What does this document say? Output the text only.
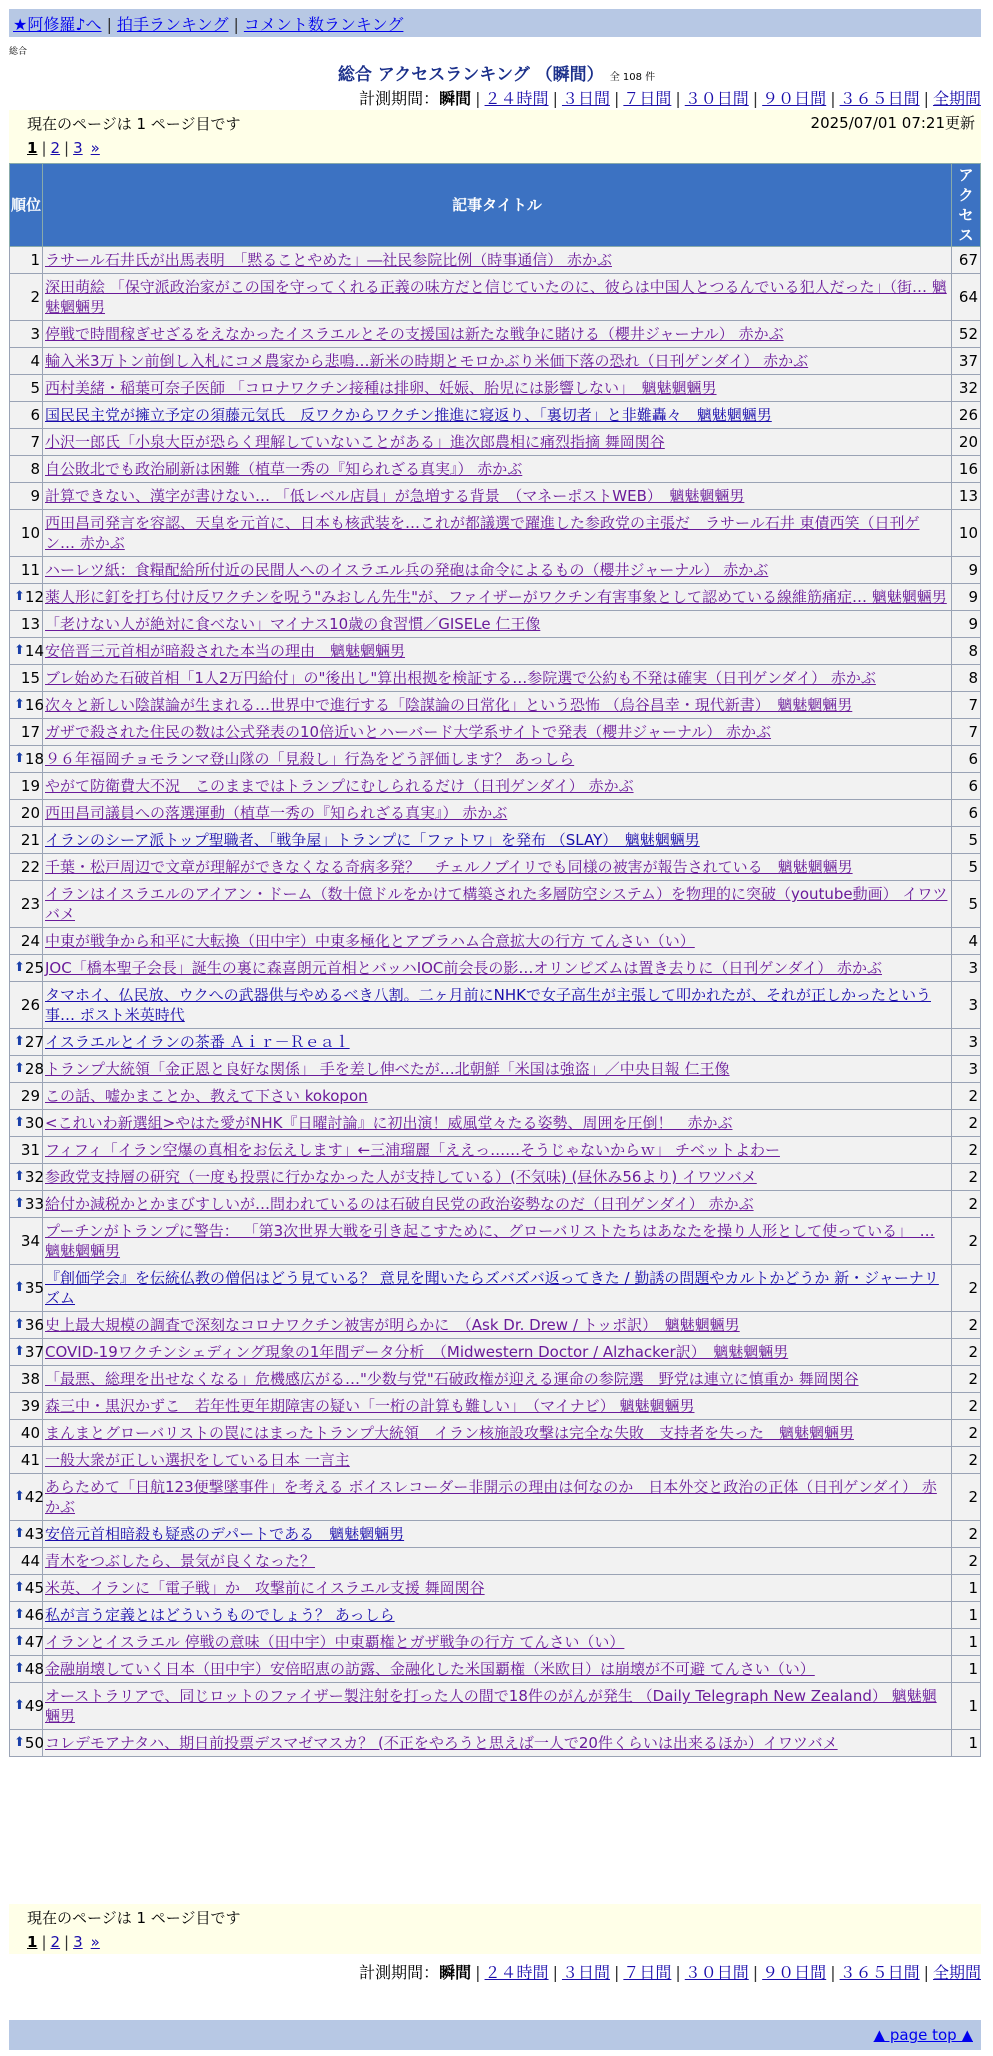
★阿修羅♪へ | 拍手ランキング | コメント数ランキング
総合
総合 アクセスランキング （瞬間） 全 108 件
計測期間：瞬間 | ２４時間 | ３日間 | ７日間 | ３０日間 | ９０日間 | ３６５日間 | 全期間
現在のページは 1 ページ目です	2025/07/01 07:21更新
1 | 2 | 3 »
順位	記事タイトル	アクセス
1	ラサール石井氏が出馬表明　「黙ることやめた」―社民参院比例（時事通信） 赤かぶ	67
2	深田萌絵 「保守派政治家がこの国を守ってくれる正義の味方だと信じていたのに、彼らは中国人とつるんでいる犯人だった」（街… 魑魅魍魎男	64
3	停戦で時間稼ぎせざるをえなかったイスラエルとその支援国は新たな戦争に賭ける（櫻井ジャーナル） 赤かぶ	52
4	輸入米3万トン前倒し入札にコメ農家から悲鳴…新米の時期とモロかぶり米価下落の恐れ（日刊ゲンダイ） 赤かぶ	37
5	西村美緒・稲葉可奈子医師 「コロナワクチン接種は排卵、妊娠、胎児には影響しない」　魑魅魍魎男	32
6	国民民主党が擁立予定の須藤元気氏　反ワクからワクチン推進に寝返り、「裏切者」と非難轟々　魑魅魍魎男	26
7	小沢一郎氏「小泉大臣が恐らく理解していないことがある」進次郎農相に痛烈指摘 舞岡関谷	20
8	自公敗北でも政治刷新は困難（植草一秀の『知られざる真実』） 赤かぶ	16
9	計算できない、漢字が書けない… 「低レベル店員」が急増する背景　（マネーポストWEB）　魑魅魍魎男	13
10	西田昌司発言を容認、天皇を元首に、日本も核武装を…これが都議選で躍進した参政党の主張だ　ラサール石井 東債西笑（日刊ゲン… 赤かぶ	10
11	ハーレツ紙：食糧配給所付近の民間人へのイスラエル兵の発砲は命令によるもの（櫻井ジャーナル） 赤かぶ	9

⬆ 12	薬人形に釘を打ち付け反ワクチンを呪う"みおしん先生"が、ファイザーがワクチン有害事象として認めている線維筋痛症… 魑魅魍魎男	9
13	「老けない人が絶対に食べない」マイナス10歳の食習慣／GISELe 仁王像	9

⬆ 14	安倍晋三元首相が暗殺された本当の理由　魑魅魍魎男	8
15	ブレ始めた石破首相「1人2万円給付」の"後出し"算出根拠を検証する…参院選で公約も不発は確実（日刊ゲンダイ） 赤かぶ	8

⬆ 16	次々と新しい陰謀論が生まれる…世界中で進行する「陰謀論の日常化」という恐怖 （烏谷昌幸・現代新書）　魑魅魍魎男	7
17	ガザで殺された住民の数は公式発表の10倍近いとハーバード大学系サイトで発表（櫻井ジャーナル） 赤かぶ	7

⬆ 18	９６年福岡チョモランマ登山隊の「見殺し」行為をどう評価します？ あっしら	6
19	やがて防衛費大不況　このままではトランプにむしられるだけ（日刊ゲンダイ） 赤かぶ	6
20	西田昌司議員への落選運動（植草一秀の『知られざる真実』） 赤かぶ	6
21	イランのシーア派トップ聖職者、「戦争屋」トランプに「ファトワ」を発布 （SLAY）　魑魅魍魎男	5
22	千葉・松戸周辺で文章が理解ができなくなる奇病多発？　チェルノブイリでも同様の被害が報告されている　魑魅魍魎男	5
23	イランはイスラエルのアイアン・ドーム（数十億ドルをかけて構築された多層防空システム）を物理的に突破（youtube動画） イワツバメ	5
24	中東が戦争から和平に大転換（田中宇）中東多極化とアブラハム合意拡大の行方 てんさい（い）	4

⬆ 25	JOC「橋本聖子会長」誕生の裏に森喜朗元首相とバッハIOC前会長の影…オリンピズムは置き去りに（日刊ゲンダイ） 赤かぶ	3
26	タマホイ、仏民放、ウクへの武器供与やめるべき八割。二ヶ月前にNHKで女子高生が主張して叩かれたが、それが正しかったという事… ポスト米英時代	3

⬆ 27	イスラエルとイランの茶番 Ａｉｒ－Ｒｅａｌ	3

⬆ 28	トランプ大統領「金正恩と良好な関係」 手を差し伸べたが…北朝鮮「米国は強盗」／中央日報 仁王像	3
29	この話、嘘かまことか、教えて下さい kokopon	2

⬆ 30	<これいわ新選組>やはた愛がNHK『日曜討論』に初出演！威風堂々たる姿勢、周囲を圧倒！　赤かぶ	2
31	フィフィ「イラン空爆の真相をお伝えします」←三浦瑠麗「ええっ……そうじゃないからｗ」 チベットよわー	2

⬆ 32	参政党支持層の研究（一度も投票に行かなかった人が支持している）(不気味) (昼休み56より) イワツバメ	2

⬆ 33	給付か減税かとかまびすしいが…問われているのは石破自民党の政治姿勢なのだ（日刊ゲンダイ） 赤かぶ	2
34	プーチンがトランプに警告： 「第3次世界大戦を引き起こすために、グローバリストたちはあなたを操り人形として使っている」　… 魑魅魍魎男	2

⬆ 35	『創価学会』を伝統仏教の僧侶はどう見ている？ 意見を聞いたらズバズバ返ってきた / 勤誘の問題やカルトかどうか 新・ジャーナリズム	2

⬆ 36	史上最大規模の調査で深刻なコロナワクチン被害が明らかに　（Ask Dr. Drew / トッポ訳）　魑魅魍魎男	2

⬆ 37	COVID-19ワクチンシェディング現象の1年間データ分析　（Midwestern Doctor / Alzhacker訳）　魑魅魍魎男	2
38	「最悪、総理を出せなくなる」危機感広がる…"少数与党"石破政権が迎える運命の参院選　野党は連立に慎重か 舞岡関谷	2
39	森三中・黒沢かずこ　若年性更年期障害の疑い「一桁の計算も難しい」　（マイナビ） 魑魅魍魎男	2
40	まんまとグローバリストの罠にはまったトランプ大統領　イラン核施設攻撃は完全な失敗　支持者を失った　魑魅魍魎男	2
41	一般大衆が正しい選択をしている日本 一言主	2

⬆ 42	あらためて「日航123便撃墜事件」を考える ボイスレコーダー非開示の理由は何なのか　日本外交と政治の正体（日刊ゲンダイ） 赤かぶ	2

⬆ 43	安倍元首相暗殺も疑惑のデパートである　魑魅魍魎男	2
44	青木をつぶしたら、景気が良くなった？	2

⬆ 45	米英、イランに「電子戦」か　攻撃前にイスラエル支援 舞岡関谷	1

⬆ 46	私が言う定義とはどういうものでしょう？ あっしら	1

⬆ 47	イランとイスラエル 停戦の意味（田中宇）中東覇権とガザ戦争の行方 てんさい（い）	1

⬆ 48	金融崩壊していく日本（田中宇）安倍昭恵の訪露、金融化した米国覇権（米欧日）は崩壊が不可避 てんさい（い）	1

⬆ 49	オーストラリアで、同じロットのファイザー製注射を打った人の間で18件のがんが発生 （Daily Telegraph New Zealand） 魑魅魍魎男	1

⬆ 50	コレデモアナタハ、期日前投票デスマゼマスカ？ (不正をやろうと思えば一人で20件くらいは出来るほか）イワツバメ	1
現在のページは 1 ページ目です
1 | 2 | 3 »
計測期間：瞬間 | ２４時間 | ３日間 | ７日間 | ３０日間 | ９０日間 | ３６５日間 | 全期間
▲ page top ▲
